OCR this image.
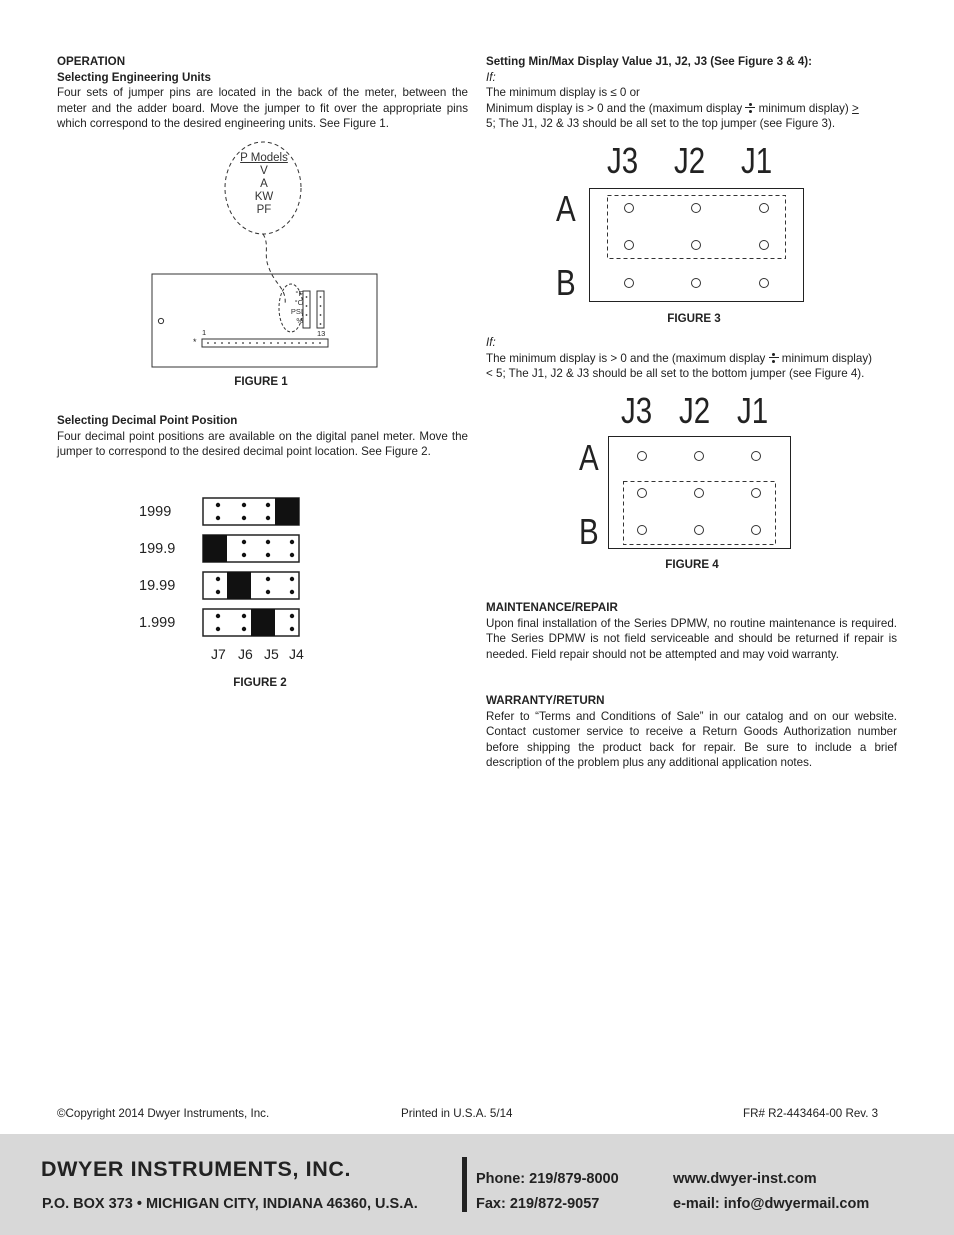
OPERATION
Selecting Engineering Units
Four sets of jumper pins are located in the back of the meter, between the meter and the adder board. Move the jumper to fit over the appropriate pins which correspond to the desired engineering units. See Figure 1.
P Models
V
A
KW
PF
°F
°C
PSI
%
1	13
*
FIGURE 1
Selecting Decimal Point Position
Four decimal point positions are available on the digital panel meter. Move the jumper to correspond to the desired decimal point location. See Figure 2.
1999
199.9
19.99
1.999
J7 J6 J5 J4
FIGURE 2
Setting Min/Max Display Value J1, J2, J3 (See Figure 3 & 4):
If:
The minimum display is ≤ 0 or
Minimum display is > 0 and the (maximum display minimum display) >
5; The J1, J2 & J3 should be all set to the top jumper (see Figure 3).
J3 J2 J1
A
B
FIGURE 3
If:
The minimum display is > 0 and the (maximum display minimum display)
< 5; The J1, J2 & J3 should be all set to the bottom jumper (see Figure 4).
J3 J2 J1
A
B
FIGURE 4
MAINTENANCE/REPAIR
Upon final installation of the Series DPMW, no routine maintenance is required. The Series DPMW is not field serviceable and should be returned if repair is needed. Field repair should not be attempted and may void warranty.
WARRANTY/RETURN
Refer to “Terms and Conditions of Sale” in our catalog and on our website. Contact customer service to receive a Return Goods Authorization number before shipping the product back for repair. Be sure to include a brief description of the problem plus any additional application notes.
©Copyright 2014 Dwyer Instruments, Inc.	Printed in U.S.A. 5/14	FR# R2-443464-00 Rev. 3
DWYER INSTRUMENTS, INC.
P.O. BOX 373 • MICHIGAN CITY, INDIANA 46360, U.S.A.
Phone: 219/879-8000
Fax: 219/872-9057
www.dwyer-inst.com
e-mail: info@dwyermail.com
